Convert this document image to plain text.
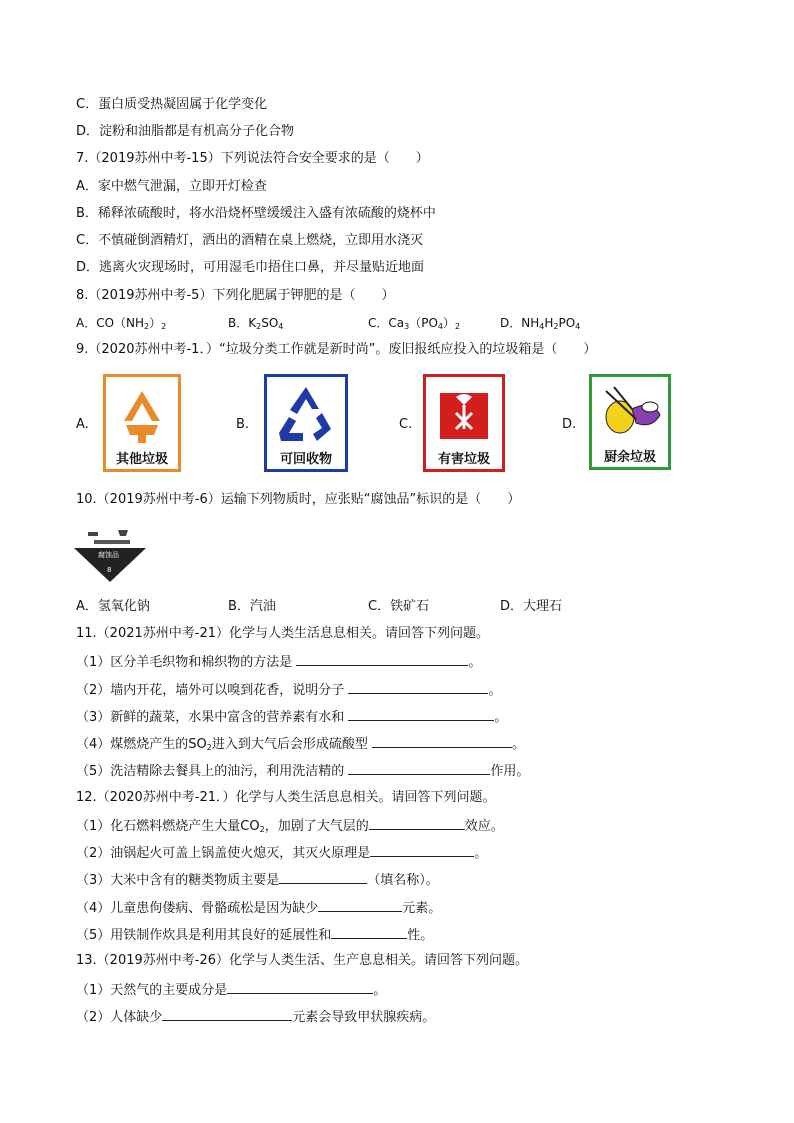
C．蛋白质受热凝固属于化学变化
D．淀粉和油脂都是有机高分子化合物
7.（2019苏州中考-15）下列说法符合安全要求的是（　　）
A．家中燃气泄漏，立即开灯检查
B．稀释浓硫酸时，将水沿烧杯壁缓缓注入盛有浓硫酸的烧杯中
C．不慎碰倒酒精灯，洒出的酒精在桌上燃烧，立即用水浇灭
D．逃离火灾现场时，可用湿毛巾捂住口鼻，并尽量贴近地面
8.（2019苏州中考-5）下列化肥属于钾肥的是（　　）
A．$CO(NH_2)_2$	B．$K_2SO_4$	C．$Ca_3(PO_4)_2$	D．$NH_4H_2PO_4$
9.（2020苏州中考-1．）“垃圾分类工作就是新时尚”。废旧报纸应投入的垃圾箱是（　　）
A.
其他垃圾
B.
可回收物
C.
有害垃圾
D.
厨余垃圾
10.（2019苏州中考-6）运输下列物质时，应张贴“腐蚀品”标识的是（　　）
腐蚀品
8
A．氢氧化钠	B．汽油	C．铁矿石	D．大理石
11.（2021苏州中考-21）化学与人类生活息息相关。请回答下列问题。
（1）区分羊毛织物和棉织物的方法是	。
（2）墙内开花，墙外可以嗅到花香，说明分子	。
（3）新鲜的蔬菜，水果中富含的营养素有水和	。
（4）煤燃烧产生的$SO_2$进入到大气后会形成硫酸型	。
（5）洗洁精除去餐具上的油污，利用洗洁精的	作用。
12.（2020苏州中考-21．）化学与人类生活息息相关。请回答下列问题。
（1）化石燃料燃烧产生大量$CO_2$，加剧了大气层的	效应。
（2）油锅起火可盖上锅盖使火熄灭，其灭火原理是	。
（3）大米中含有的糖类物质主要是	（填名称）。
（4）儿童患佝偻病、骨骼疏松是因为缺少	元素。
（5）用铁制作炊具是利用其良好的延展性和	性。
13.（2019苏州中考-26）化学与人类生活、生产息息相关。请回答下列问题。
（1）天然气的主要成分是	。
（2）人体缺少	元素会导致甲状腺疾病。
